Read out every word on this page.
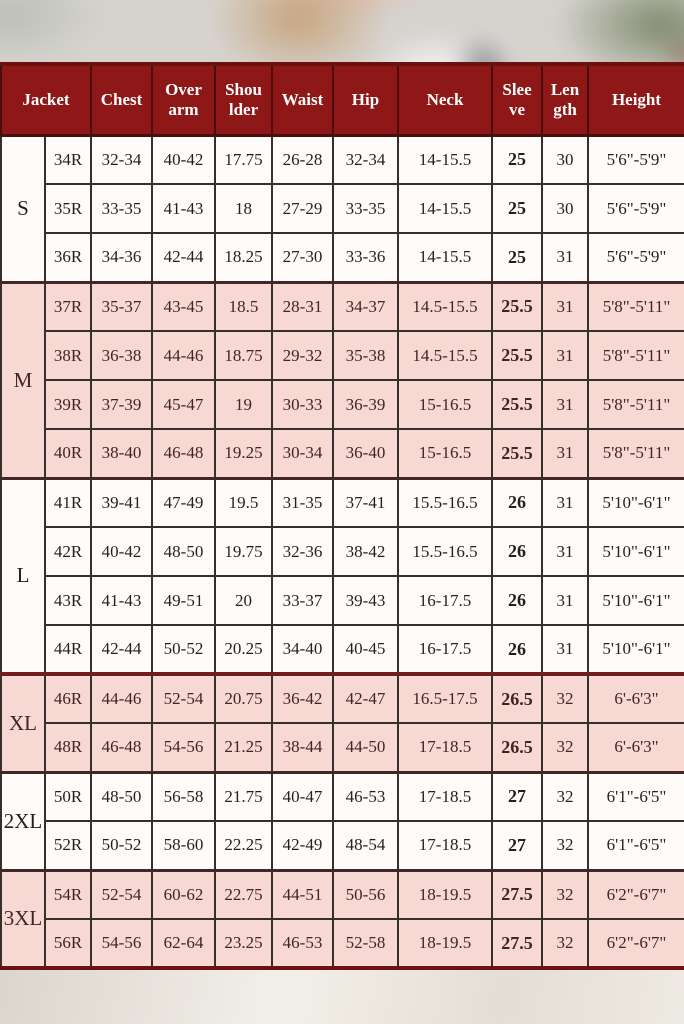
Jacket		Chest	Over arm	Shou lder	Waist	Hip	Neck	Slee ve	Len gth	Height
S	34R	32-34	40-42	17.75	26-28	32-34	14-15.5	25	30	5'6"-5'9"
	35R	33-35	41-43	18	27-29	33-35	14-15.5	25	30	5'6"-5'9"
	36R	34-36	42-44	18.25	27-30	33-36	14-15.5	25	31	5'6"-5'9"
M	37R	35-37	43-45	18.5	28-31	34-37	14.5-15.5	25.5	31	5'8"-5'11"
	38R	36-38	44-46	18.75	29-32	35-38	14.5-15.5	25.5	31	5'8"-5'11"
	39R	37-39	45-47	19	30-33	36-39	15-16.5	25.5	31	5'8"-5'11"
	40R	38-40	46-48	19.25	30-34	36-40	15-16.5	25.5	31	5'8"-5'11"
L	41R	39-41	47-49	19.5	31-35	37-41	15.5-16.5	26	31	5'10"-6'1"
	42R	40-42	48-50	19.75	32-36	38-42	15.5-16.5	26	31	5'10"-6'1"
	43R	41-43	49-51	20	33-37	39-43	16-17.5	26	31	5'10"-6'1"
	44R	42-44	50-52	20.25	34-40	40-45	16-17.5	26	31	5'10"-6'1"
XL	46R	44-46	52-54	20.75	36-42	42-47	16.5-17.5	26.5	32	6'-6'3"
	48R	46-48	54-56	21.25	38-44	44-50	17-18.5	26.5	32	6'-6'3"
2XL	50R	48-50	56-58	21.75	40-47	46-53	17-18.5	27	32	6'1"-6'5"
	52R	50-52	58-60	22.25	42-49	48-54	17-18.5	27	32	6'1"-6'5"
3XL	54R	52-54	60-62	22.75	44-51	50-56	18-19.5	27.5	32	6'2"-6'7"
	56R	54-56	62-64	23.25	46-53	52-58	18-19.5	27.5	32	6'2"-6'7"
